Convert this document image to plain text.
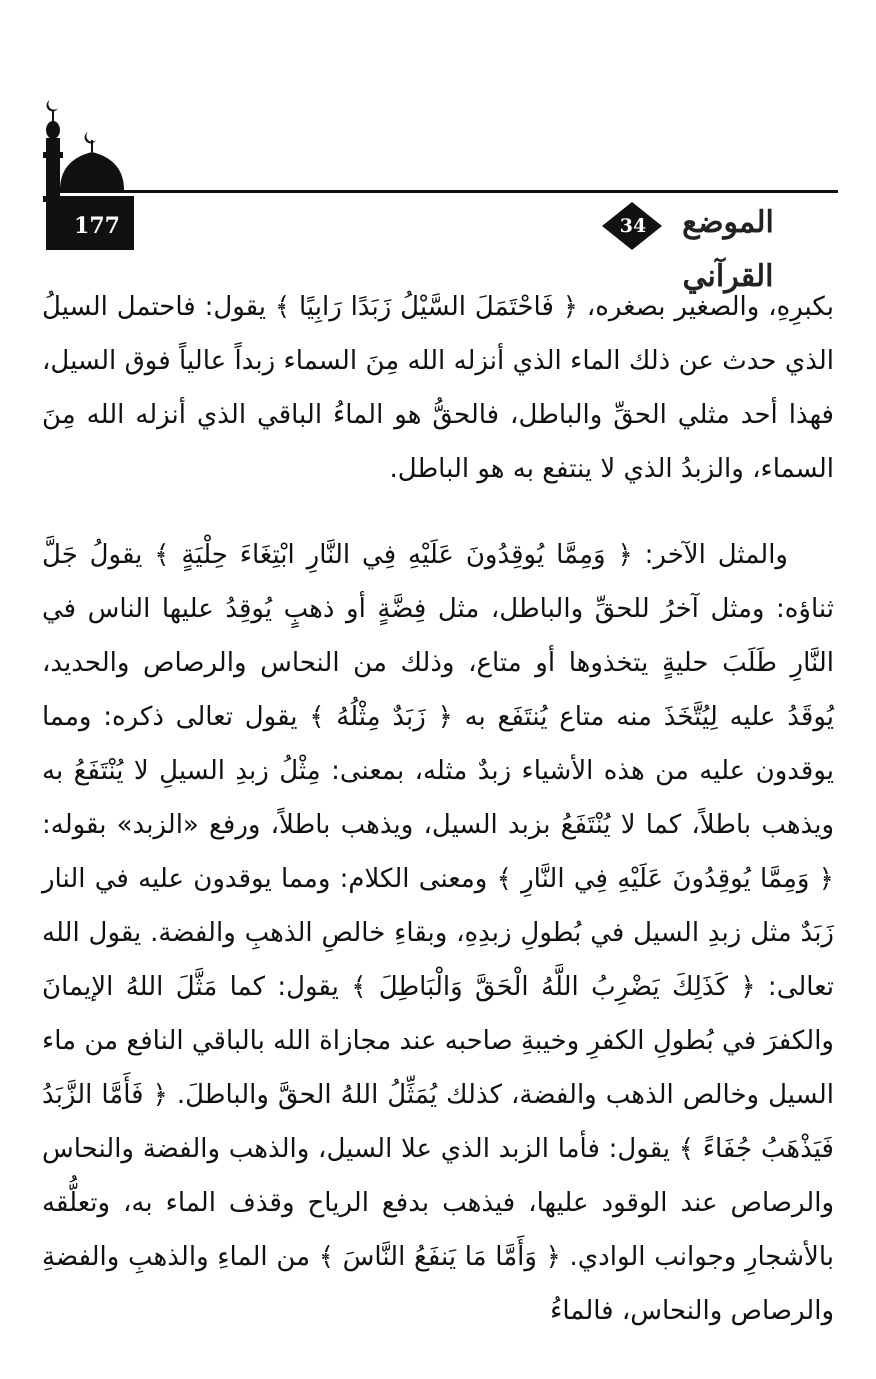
177	34	الموضع القرآني

بكبرِهِ، والصغير بصغره، ﴿ فَاحْتَمَلَ السَّيْلُ زَبَدًا رَابِيًا ﴾ يقول: فاحتمل السيلُ الذي حدث عن ذلك الماء الذي أنزله الله مِنَ السماء زبداً عالياً فوق السيل، فهذا أحد مثلي الحقِّ والباطل، فالحقُّ هو الماءُ الباقي الذي أنزله الله مِنَ السماء، والزبدُ الذي لا ينتفع به هو الباطل.

والمثل الآخر: ﴿ وَمِمَّا يُوقِدُونَ عَلَيْهِ فِي النَّارِ ابْتِغَاءَ حِلْيَةٍ ﴾ يقولُ جَلَّ ثناؤه: ومثل آخرُ للحقِّ والباطل، مثل فِضَّةٍ أو ذهبٍ يُوقِدُ عليها الناس في النَّارِ طَلَبَ حليةٍ يتخذوها أو متاع، وذلك من النحاس والرصاص والحديد، يُوقَدُ عليه لِيُتَّخَذَ منه متاع يُنتَفَع به ﴿ زَبَدٌ مِثْلُهُ ﴾ يقول تعالى ذكره: ومما يوقدون عليه من هذه الأشياء زبدٌ مثله، بمعنى: مِثْلُ زبدِ السيلِ لا يُنْتَفَعُ به ويذهب باطلاً، كما لا يُنْتَفَعُ بزبد السيل، ويذهب باطلاً، ورفع «الزبد» بقوله: ﴿ وَمِمَّا يُوقِدُونَ عَلَيْهِ فِي النَّارِ ﴾ ومعنى الكلام: ومما يوقدون عليه في النار زَبَدٌ مثل زبدِ السيل في بُطولِ زبدِهِ، وبقاءِ خالصِ الذهبِ والفضة. يقول الله تعالى: ﴿ كَذَلِكَ يَضْرِبُ اللَّهُ الْحَقَّ وَالْبَاطِلَ ﴾ يقول: كما مَثَّلَ اللهُ الإيمانَ والكفرَ في بُطولِ الكفرِ وخيبةِ صاحبه عند مجازاة الله بالباقي النافع من ماء السيل وخالص الذهب والفضة، كذلك يُمَثِّلُ اللهُ الحقَّ والباطلَ. ﴿ فَأَمَّا الزَّبَدُ فَيَذْهَبُ جُفَاءً ﴾ يقول: فأما الزبد الذي علا السيل، والذهب والفضة والنحاس والرصاص عند الوقود عليها، فيذهب بدفع الرياح وقذف الماء به، وتعلُّقه بالأشجارِ وجوانب الوادي. ﴿ وَأَمَّا مَا يَنفَعُ النَّاسَ ﴾ من الماءِ والذهبِ والفضةِ والرصاص والنحاس، فالماءُ
